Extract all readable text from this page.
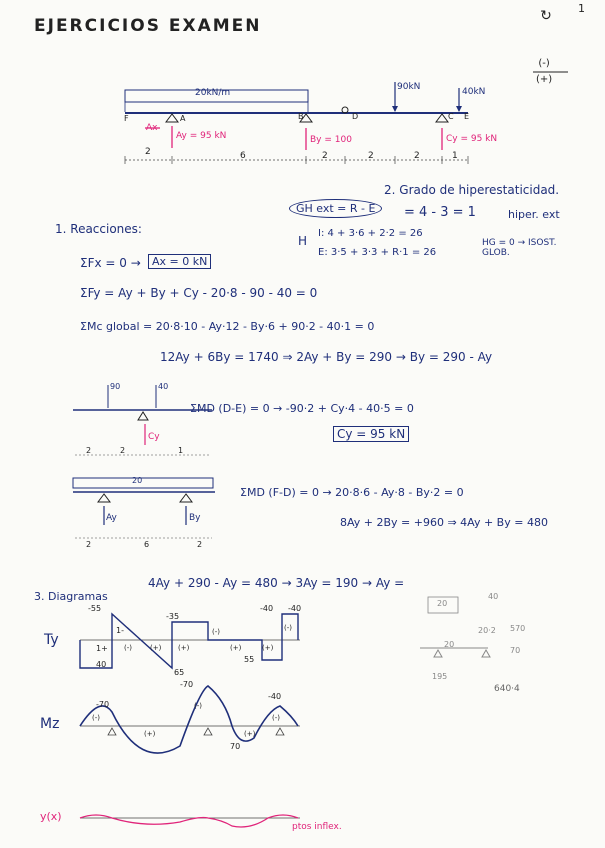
EJERCICIOS EXAMEN
1
↻
(-)
(+)
20kN/m
90kN	40kN
F	A	B	D	C E
Ax
Ay = 95 kN	By = 100	Cy = 95 kN
2	6	2	2	2	1
2. Grado de hiperestaticidad.
GH ext = R - E	= 4 - 3 = 1	hiper. ext
H
I: 4 + 3·6 + 2·2 = 26
E: 3·5 + 3·3 + R·1 = 26
HG = 0 → ISOST. GLOB.
1. Reacciones:
ΣFx = 0 →	Ax = 0 kN
ΣFy = Ay + By + Cy - 20·8 - 90 - 40 = 0
ΣMc global = 20·8·10 - Ay·12 - By·6 + 90·2 - 40·1 = 0
12Ay + 6By = 1740 ⇒ 2Ay + By = 290 → By = 290 - Ay
90	40
Cy
2	2	1
ΣMD (D-E) = 0 → -90·2 + Cy·4 - 40·5 = 0
Cy = 95 kN
20
Ay	By
2	6	2
ΣMD (F-D) = 0 → 20·8·6 - Ay·8 - By·2 = 0
8Ay + 2By = +960 ⇒ 4Ay + By = 480
4Ay + 290 - Ay = 480 → 3Ay = 190 → Ay =
3. Diagramas
Ty
Mz
y(x)
ptos inflex.
-55
40
-35
65
-40 -40
55
1-
1+ (-)	(+)
(-)
(+)
(-)
(+)
(+)
-70
-70
-40
70
(-)
(+)
(-)
(+)
(-)
20
40
20·2 570
20
70
195
640·4
